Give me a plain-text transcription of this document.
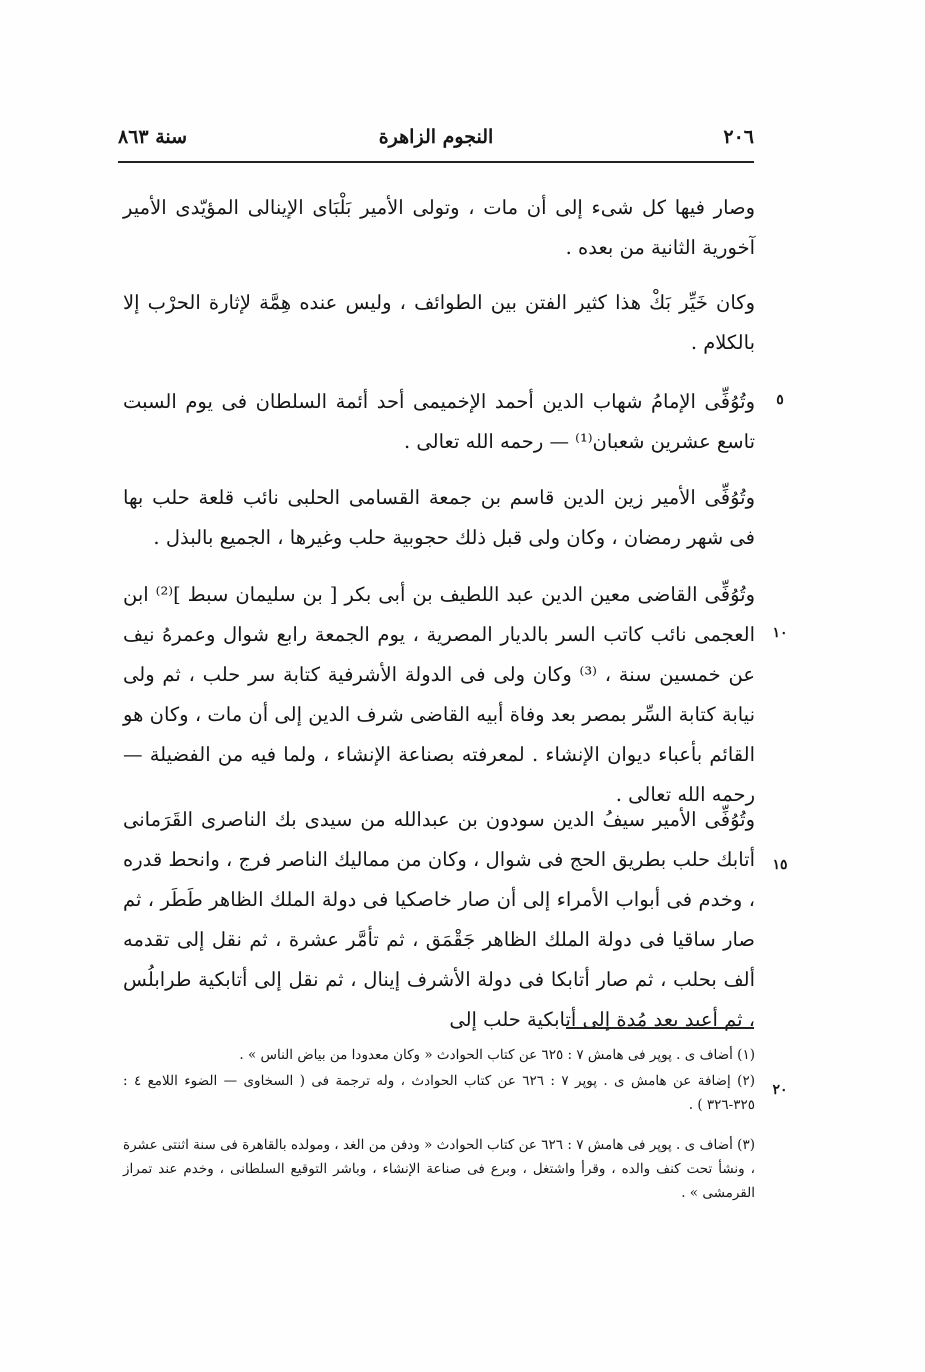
٢٠٦
النجوم الزاهرة
سنة ٨٦٣

وصار فيها كل شىء إلى أن مات ، وتولى الأمير بَلْبَاى الإينالى المؤيّدى الأمير آخورية الثانية من بعده .

وكان خَيِّر بَكْ هذا كثير الفتن بين الطوائف ، وليس عنده هِمَّة لإثارة الحرْب إلا بالكلام .

وتُوُفِّى الإمامُ شهاب الدين أحمد الإخميمى أحد أئمة السلطان فى يوم السبت تاسع عشرين شعبان⁽¹⁾ — رحمه الله تعالى .

وتُوُفِّى الأمير زين الدين قاسم بن جمعة القسامى الحلبى نائب قلعة حلب بها فى شهر رمضان ، وكان ولى قبل ذلك حجوبية حلب وغيرها ، الجميع بالبذل .

وتُوُفِّى القاضى معين الدين عبد اللطيف بن أبى بكر [ بن سليمان سبط ]⁽²⁾ ابن العجمى نائب كاتب السر بالديار المصرية ، يوم الجمعة رابع شوال وعمرهُ نيف عن خمسين سنة ، ⁽³⁾ وكان ولى فى الدولة الأشرفية كتابة سر حلب ، ثم ولى نيابة كتابة السِّر بمصر بعد وفاة أبيه القاضى شرف الدين إلى أن مات ، وكان هو القائم بأعباء ديوان الإنشاء . لمعرفته بصناعة الإنشاء ، ولما فيه من الفضيلة — رحمه الله تعالى .

وتُوُفِّى الأمير سيفُ الدين سودون بن عبدالله من سيدى بك الناصرى القَرَمانى أتابك حلب بطريق الحج فى شوال ، وكان من مماليك الناصر فرج ، وانحط قدره ، وخدم فى أبواب الأمراء إلى أن صار خاصكيا فى دولة الملك الظاهر طَطَر ، ثم صار ساقيا فى دولة الملك الظاهر جَقْمَق ، ثم تأمَّر عشرة ، ثم نقل إلى تقدمه ألف بحلب ، ثم صار أتابكا فى دولة الأشرف إينال ، ثم نقل إلى أتابكية طرابلُس ، ثم أعيد بعد مُدة إلى أتابكية حلب إلى

٥
١٠
١٥
٢٠

(١) أضاف ى . پوپر فى هامش ٧ : ٦٢٥ عن كتاب الحوادث « وكان معدودا من بياض الناس » .

(٢) إضافة عن هامش ى . پوپر ٧ : ٦٢٦ عن كتاب الحوادث ، وله ترجمة فى ( السخاوى — الضوء اللامع ٤ : ٣٢٥-٣٢٦ ) .

(٣) أضاف ى . پوپر فى هامش ٧ : ٦٢٦ عن كتاب الحوادث « ودفن من الغد ، ومولده بالقاهرة فى سنة اثنتى عشرة ، ونشأ تحت كنف والده ، وقرأ واشتغل ، وبرع فى صناعة الإنشاء ، وباشر التوقيع السلطانى ، وخدم عند تمراز القرمشى » .
